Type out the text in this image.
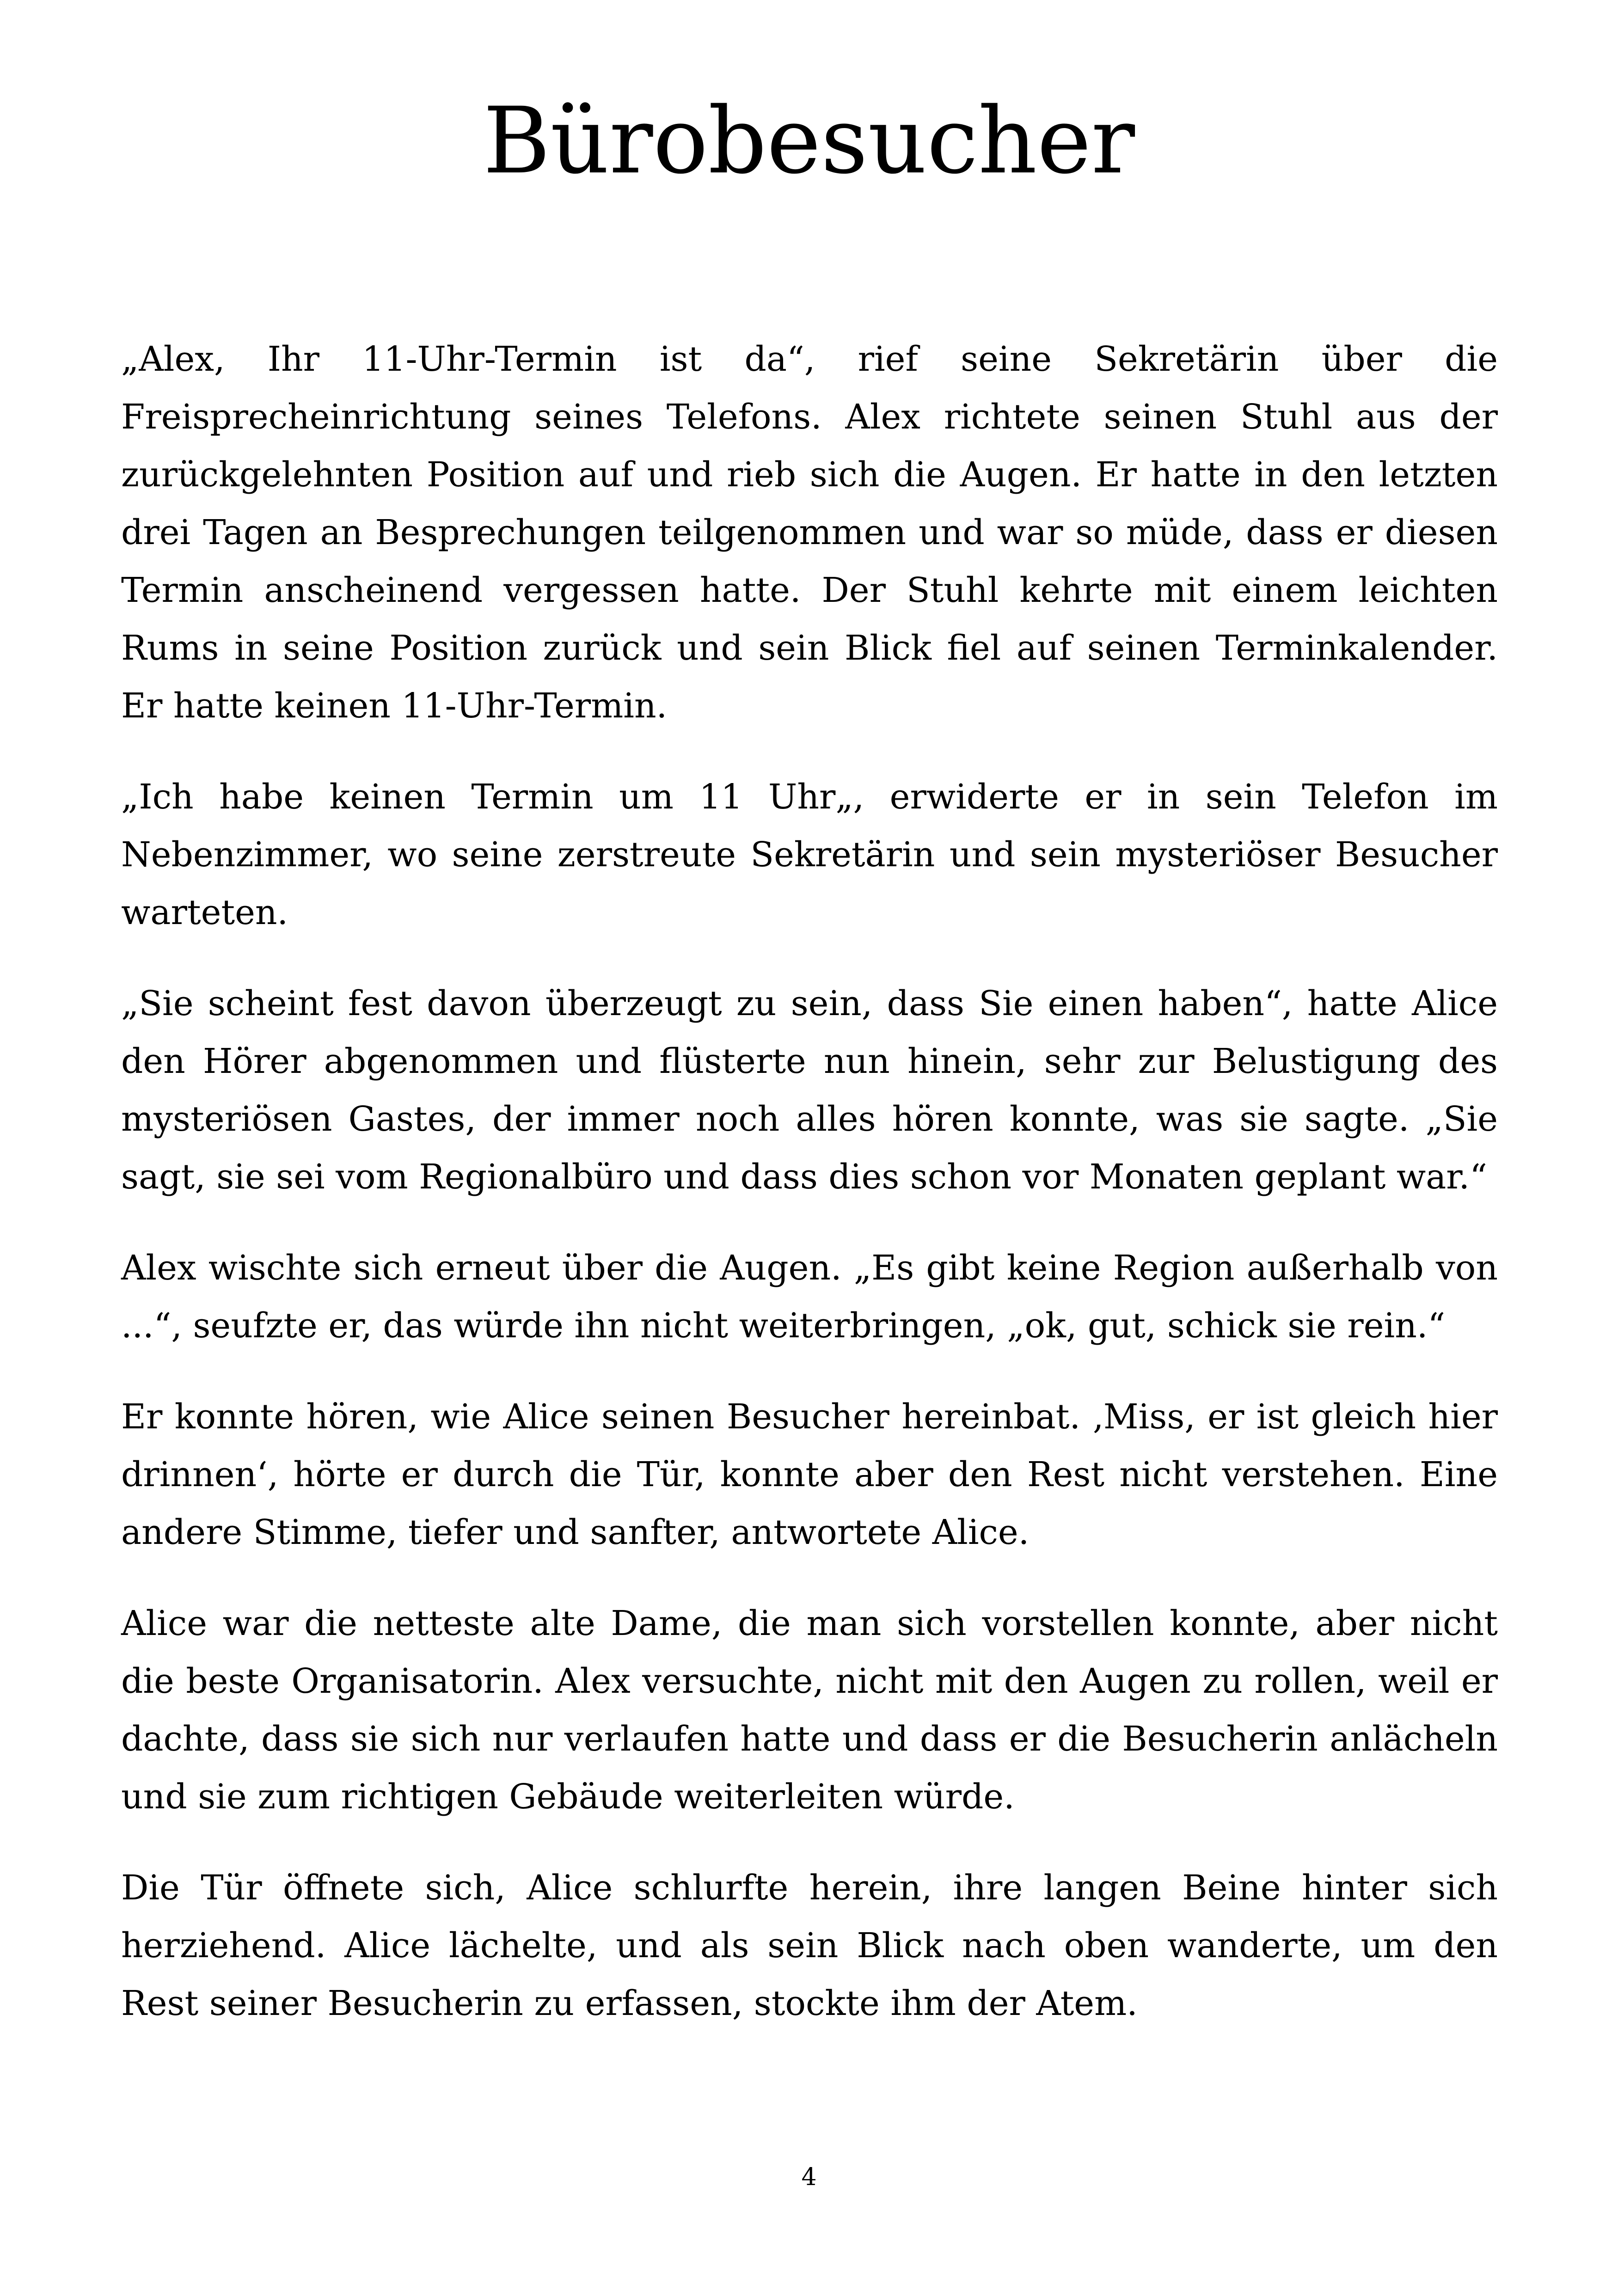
Bürobesucher

„Alex, Ihr 11-Uhr-Termin ist da“, rief seine Sekretärin über die Freisprecheinrichtung seines Telefons. Alex richtete seinen Stuhl aus der zurückgelehnten Position auf und rieb sich die Augen. Er hatte in den letzten drei Tagen an Besprechungen teilgenommen und war so müde, dass er diesen Termin anscheinend vergessen hatte. Der Stuhl kehrte mit einem leichten Rums in seine Position zurück und sein Blick fiel auf seinen Terminkalender. Er hatte keinen 11-Uhr-Termin.

„Ich habe keinen Termin um 11 Uhr„, erwiderte er in sein Telefon im Nebenzimmer, wo seine zerstreute Sekretärin und sein mysteriöser Besucher warteten.

„Sie scheint fest davon überzeugt zu sein, dass Sie einen haben“, hatte Alice den Hörer abgenommen und flüsterte nun hinein, sehr zur Belustigung des mysteriösen Gastes, der immer noch alles hören konnte, was sie sagte. „Sie sagt, sie sei vom Regionalbüro und dass dies schon vor Monaten geplant war.“

Alex wischte sich erneut über die Augen. „Es gibt keine Region außerhalb von ...“, seufzte er, das würde ihn nicht weiterbringen, „ok, gut, schick sie rein.“

Er konnte hören, wie Alice seinen Besucher hereinbat. ‚Miss, er ist gleich hier drinnen‘, hörte er durch die Tür, konnte aber den Rest nicht verstehen. Eine andere Stimme, tiefer und sanfter, antwortete Alice.

Alice war die netteste alte Dame, die man sich vorstellen konnte, aber nicht die beste Organisatorin. Alex versuchte, nicht mit den Augen zu rollen, weil er dachte, dass sie sich nur verlaufen hatte und dass er die Besucherin anlächeln und sie zum richtigen Gebäude weiterleiten würde.

Die Tür öffnete sich, Alice schlurfte herein, ihre langen Beine hinter sich herziehend. Alice lächelte, und als sein Blick nach oben wanderte, um den Rest seiner Besucherin zu erfassen, stockte ihm der Atem.

4
